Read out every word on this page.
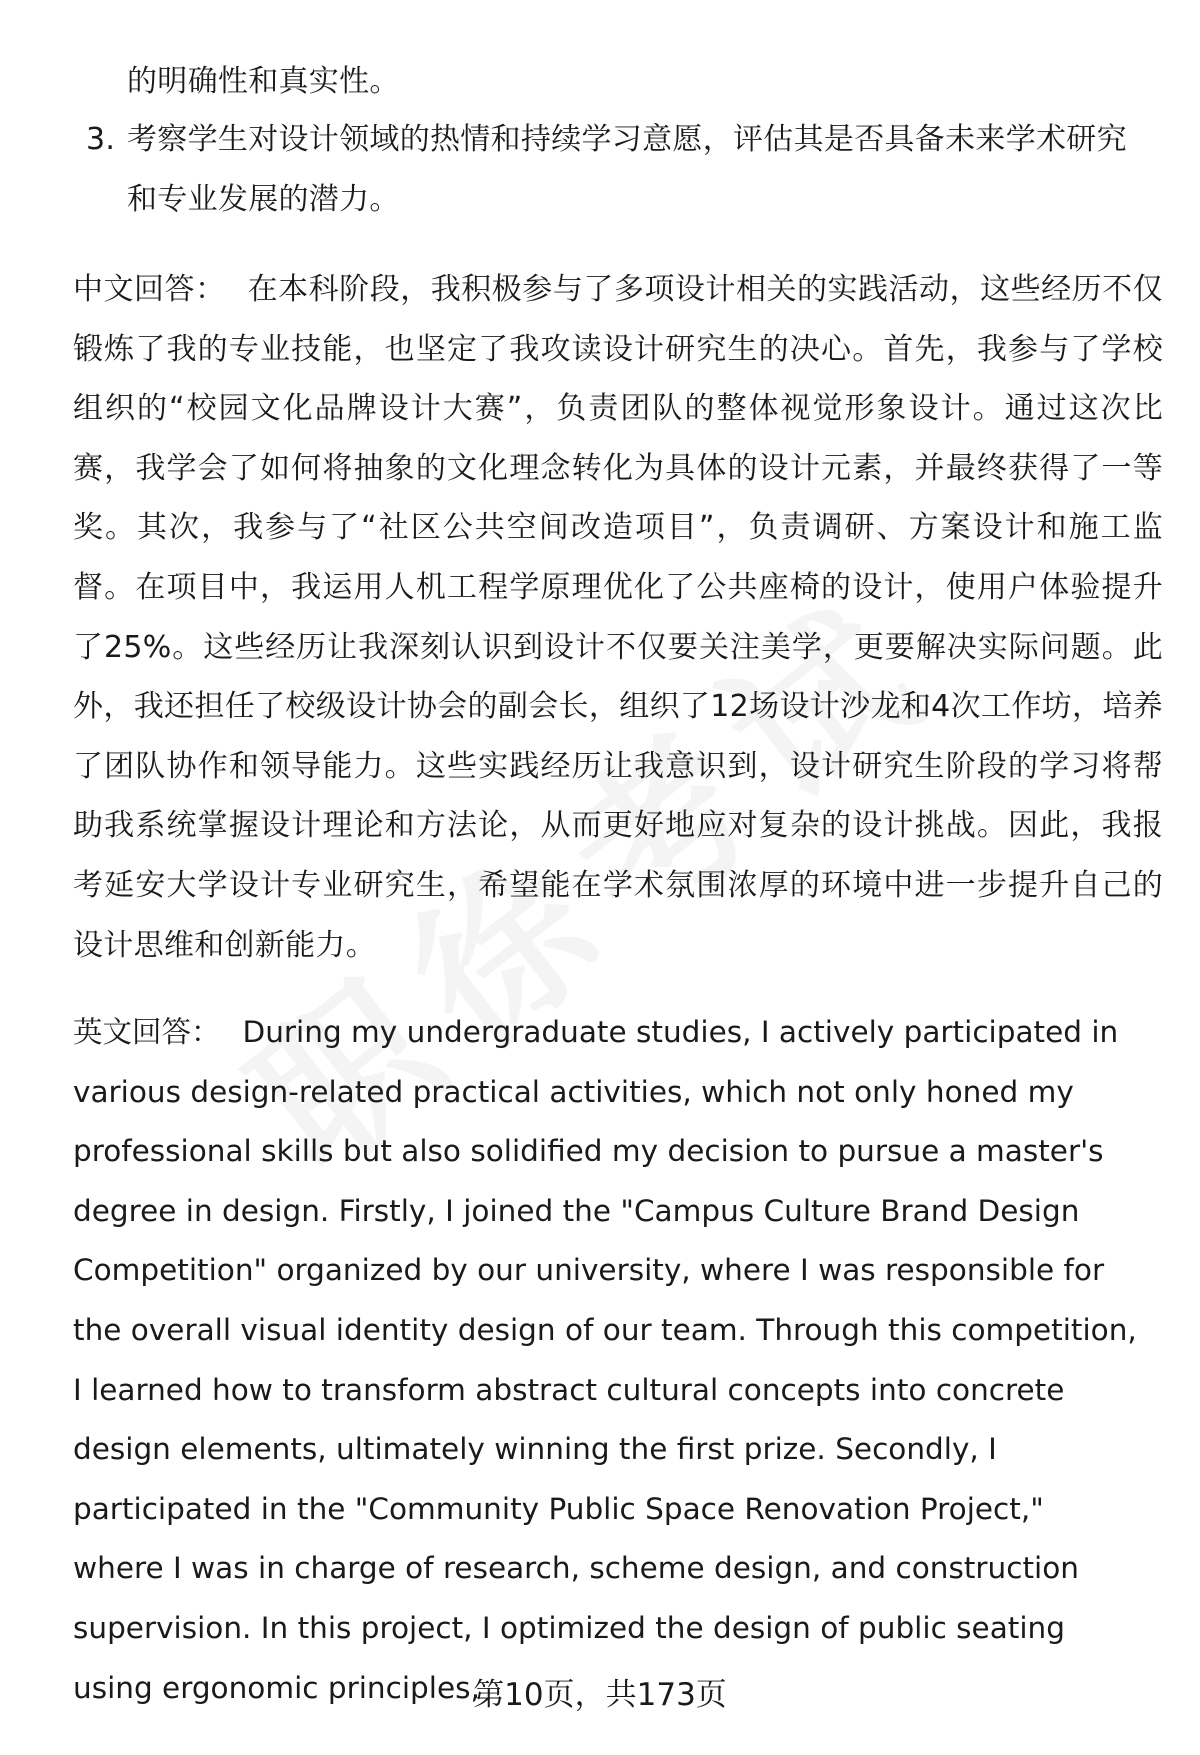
的明确性和真实性。

3. 考察学生对设计领域的热情和持续学习意愿，评估其是否具备未来学术研究和专业发展的潜力。

中文回答： 在本科阶段，我积极参与了多项设计相关的实践活动，这些经历不仅锻炼了我的专业技能，也坚定了我攻读设计研究生的决心。首先，我参与了学校组织的“校园文化品牌设计大赛”，负责团队的整体视觉形象设计。通过这次比赛，我学会了如何将抽象的文化理念转化为具体的设计元素，并最终获得了一等奖。其次，我参与了“社区公共空间改造项目”，负责调研、方案设计和施工监督。在项目中，我运用人机工程学原理优化了公共座椅的设计，使用户体验提升了25%。这些经历让我深刻认识到设计不仅要关注美学，更要解决实际问题。此外，我还担任了校级设计协会的副会长，组织了12场设计沙龙和4次工作坊，培养了团队协作和领导能力。这些实践经历让我意识到，设计研究生阶段的学习将帮助我系统掌握设计理论和方法论，从而更好地应对复杂的设计挑战。因此，我报考延安大学设计专业研究生，希望能在学术氛围浓厚的环境中进一步提升自己的设计思维和创新能力。

英文回答： During my undergraduate studies, I actively participated in various design-related practical activities, which not only honed my professional skills but also solidified my decision to pursue a master's degree in design. Firstly, I joined the "Campus Culture Brand Design Competition" organized by our university, where I was responsible for the overall visual identity design of our team. Through this competition, I learned how to transform abstract cultural concepts into concrete design elements, ultimately winning the first prize. Secondly, I participated in the "Community Public Space Renovation Project," where I was in charge of research, scheme design, and construction supervision. In this project, I optimized the design of public seating using ergonomic principles,

第10页，共173页
